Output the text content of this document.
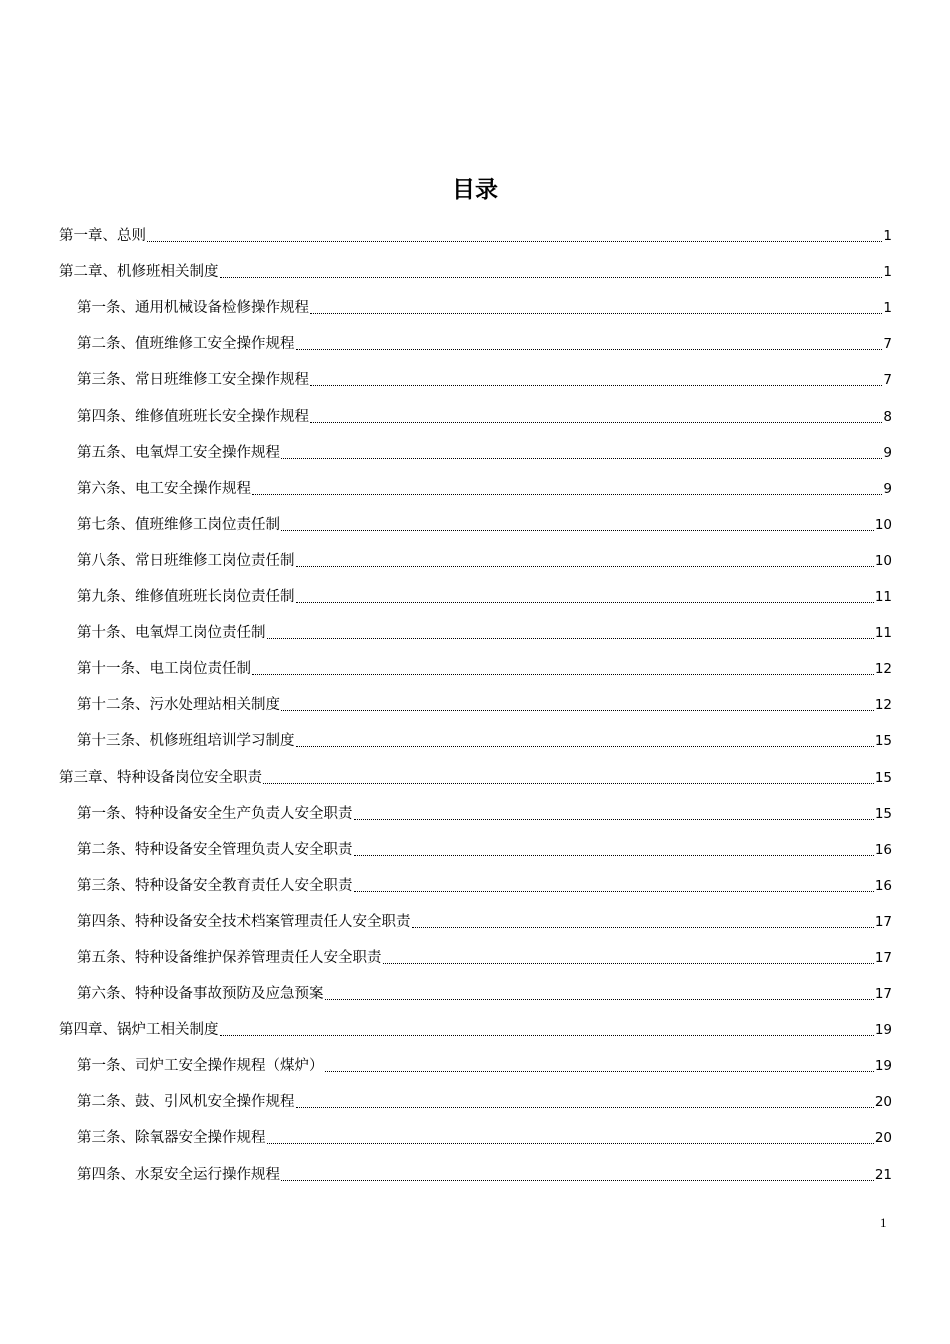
目录
第一章、总则	1
第二章、机修班相关制度	1
第一条、通用机械设备检修操作规程	1
第二条、值班维修工安全操作规程	7
第三条、常日班维修工安全操作规程	7
第四条、维修值班班长安全操作规程	8
第五条、电氧焊工安全操作规程	9
第六条、电工安全操作规程	9
第七条、值班维修工岗位责任制	10
第八条、常日班维修工岗位责任制	10
第九条、维修值班班长岗位责任制	11
第十条、电氧焊工岗位责任制	11
第十一条、电工岗位责任制	12
第十二条、污水处理站相关制度	12
第十三条、机修班组培训学习制度	15
第三章、特种设备岗位安全职责	15
第一条、特种设备安全生产负责人安全职责	15
第二条、特种设备安全管理负责人安全职责	16
第三条、特种设备安全教育责任人安全职责	16
第四条、特种设备安全技术档案管理责任人安全职责	17
第五条、特种设备维护保养管理责任人安全职责	17
第六条、特种设备事故预防及应急预案	17
第四章、锅炉工相关制度	19
第一条、司炉工安全操作规程（煤炉）	19
第二条、鼓、引风机安全操作规程	20
第三条、除氧器安全操作规程	20
第四条、水泵安全运行操作规程	21
1
